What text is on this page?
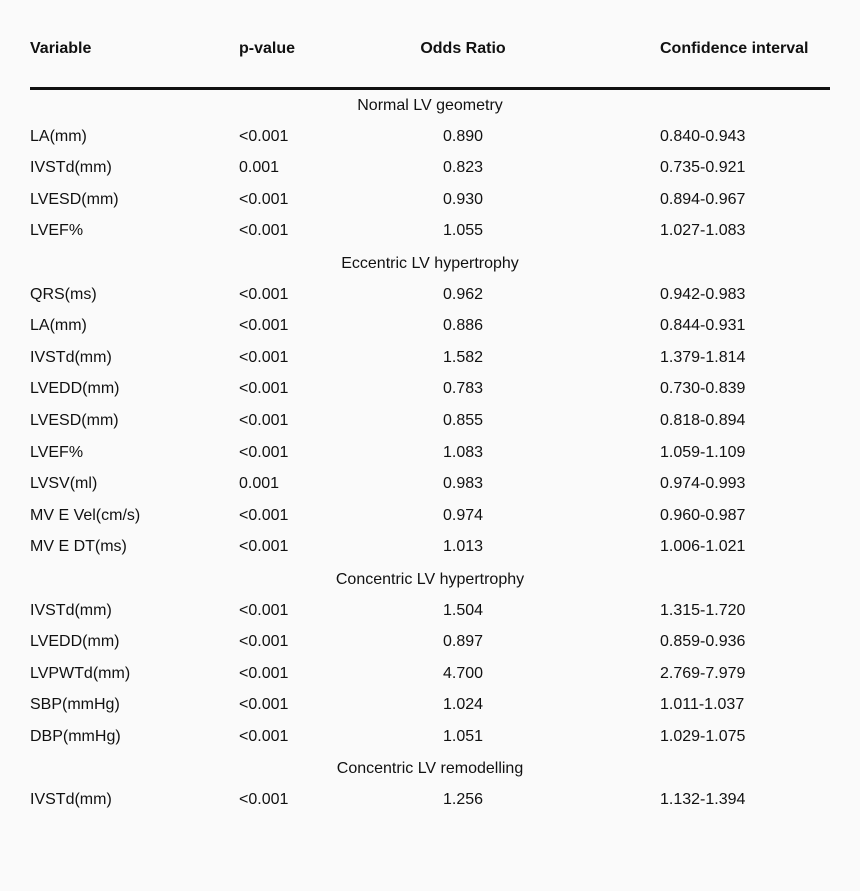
Variable	p-value	Odds Ratio	Confidence interval
Normal LV geometry
LA(mm)	<0.001	0.890	0.840-0.943
IVSTd(mm)	0.001	0.823	0.735-0.921
LVESD(mm)	<0.001	0.930	0.894-0.967
LVEF%	<0.001	1.055	1.027-1.083
Eccentric LV hypertrophy
QRS(ms)	<0.001	0.962	0.942-0.983
LA(mm)	<0.001	0.886	0.844-0.931
IVSTd(mm)	<0.001	1.582	1.379-1.814
LVEDD(mm)	<0.001	0.783	0.730-0.839
LVESD(mm)	<0.001	0.855	0.818-0.894
LVEF%	<0.001	1.083	1.059-1.109
LVSV(ml)	0.001	0.983	0.974-0.993
MV E Vel(cm/s)	<0.001	0.974	0.960-0.987
MV E DT(ms)	<0.001	1.013	1.006-1.021
Concentric LV hypertrophy
IVSTd(mm)	<0.001	1.504	1.315-1.720
LVEDD(mm)	<0.001	0.897	0.859-0.936
LVPWTd(mm)	<0.001	4.700	2.769-7.979
SBP(mmHg)	<0.001	1.024	1.011-1.037
DBP(mmHg)	<0.001	1.051	1.029-1.075
Concentric LV remodelling
IVSTd(mm)	<0.001	1.256	1.132-1.394
